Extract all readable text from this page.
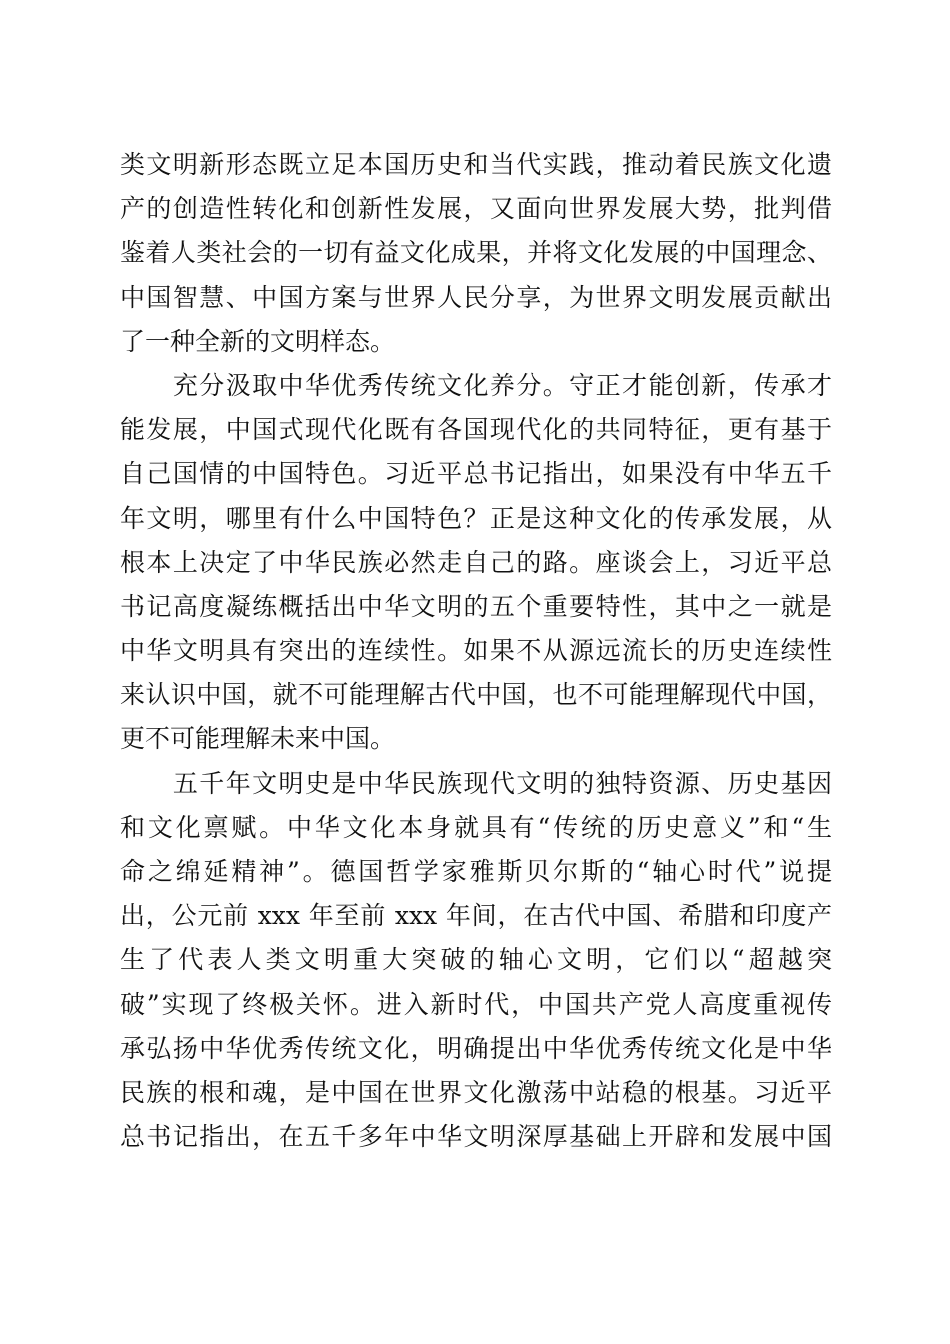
类文明新形态既立足本国历史和当代实践，推动着民族文化遗
产的创造性转化和创新性发展，又面向世界发展大势，批判借
鉴着人类社会的一切有益文化成果，并将文化发展的中国理念、
中国智慧、中国方案与世界人民分享，为世界文明发展贡献出
了一种全新的文明样态。
　　充分汲取中华优秀传统文化养分。守正才能创新，传承才
能发展，中国式现代化既有各国现代化的共同特征，更有基于
自己国情的中国特色。习近平总书记指出，如果没有中华五千
年文明，哪里有什么中国特色？正是这种文化的传承发展，从
根本上决定了中华民族必然走自己的路。座谈会上，习近平总
书记高度凝练概括出中华文明的五个重要特性，其中之一就是
中华文明具有突出的连续性。如果不从源远流长的历史连续性
来认识中国，就不可能理解古代中国，也不可能理解现代中国，
更不可能理解未来中国。
　　五千年文明史是中华民族现代文明的独特资源、历史基因
和文化禀赋。中华文化本身就具有“传统的历史意义”和“生
命之绵延精神”。德国哲学家雅斯贝尔斯的“轴心时代”说提
出，公元前 xxx 年至前 xxx 年间，在古代中国、希腊和印度产
生了代表人类文明重大突破的轴心文明，它们以“超越突
破”实现了终极关怀。进入新时代，中国共产党人高度重视传
承弘扬中华优秀传统文化，明确提出中华优秀传统文化是中华
民族的根和魂，是中国在世界文化激荡中站稳的根基。习近平
总书记指出，在五千多年中华文明深厚基础上开辟和发展中国
